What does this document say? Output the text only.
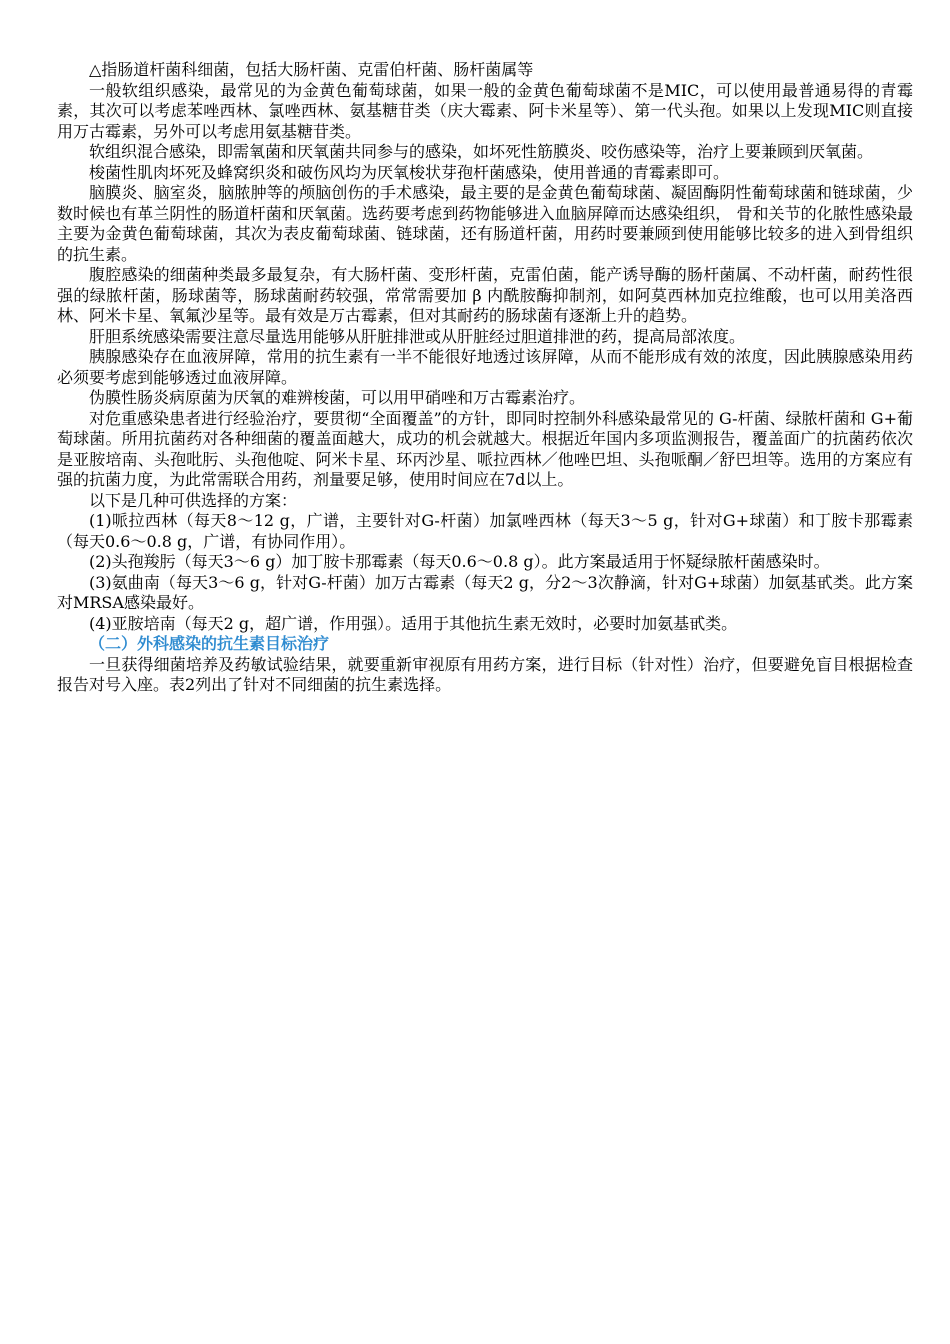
△指肠道杆菌科细菌，包括大肠杆菌、克雷伯杆菌、肠杆菌属等

一般软组织感染，最常见的为金黄色葡萄球菌，如果一般的金黄色葡萄球菌不是MIC，可以使用最普通易得的青霉素，其次可以考虑苯唑西林、氯唑西林、氨基糖苷类（庆大霉素、阿卡米星等）、第一代头孢。如果以上发现MIC则直接用万古霉素，另外可以考虑用氨基糖苷类。

软组织混合感染，即需氧菌和厌氧菌共同参与的感染，如坏死性筋膜炎、咬伤感染等，治疗上要兼顾到厌氧菌。

梭菌性肌肉坏死及蜂窝织炎和破伤风均为厌氧梭状芽孢杆菌感染，使用普通的青霉素即可。

脑膜炎、脑室炎，脑脓肿等的颅脑创伤的手术感染，最主要的是金黄色葡萄球菌、凝固酶阴性葡萄球菌和链球菌，少数时候也有革兰阴性的肠道杆菌和厌氧菌。选药要考虑到药物能够进入血脑屏障而达感染组织， 骨和关节的化脓性感染最主要为金黄色葡萄球菌，其次为表皮葡萄球菌、链球菌，还有肠道杆菌，用药时要兼顾到使用能够比较多的进入到骨组织的抗生素。

腹腔感染的细菌种类最多最复杂，有大肠杆菌、变形杆菌，克雷伯菌，能产诱导酶的肠杆菌属、不动杆菌，耐药性很强的绿脓杆菌，肠球菌等，肠球菌耐药较强，常常需要加 β 内酰胺酶抑制剂，如阿莫西林加克拉维酸，也可以用美洛西林、阿米卡星、氧氟沙星等。最有效是万古霉素，但对其耐药的肠球菌有逐渐上升的趋势。

肝胆系统感染需要注意尽量选用能够从肝脏排泄或从肝脏经过胆道排泄的药，提高局部浓度。

胰腺感染存在血液屏障，常用的抗生素有一半不能很好地透过该屏障，从而不能形成有效的浓度，因此胰腺感染用药必须要考虑到能够透过血液屏障。

伪膜性肠炎病原菌为厌氧的难辨梭菌，可以用甲硝唑和万古霉素治疗。

对危重感染患者进行经验治疗，要贯彻“全面覆盖”的方针，即同时控制外科感染最常见的 G-杆菌、绿脓杆菌和 G+葡萄球菌。所用抗菌药对各种细菌的覆盖面越大，成功的机会就越大。根据近年国内多项监测报告，覆盖面广的抗菌药依次是亚胺培南、头孢吡肟、头孢他啶、阿米卡星、环丙沙星、哌拉西林／他唑巴坦、头孢哌酮／舒巴坦等。选用的方案应有强的抗菌力度，为此常需联合用药，剂量要足够，使用时间应在7d以上。

以下是几种可供选择的方案：

(1)哌拉西林（每天8～12 g，广谱，主要针对G-杆菌）加氯唑西林（每天3～5 g，针对G+球菌）和丁胺卡那霉素（每天0.6～0.8 g，广谱，有协同作用）。

(2)头孢羧肟（每天3～6 g）加丁胺卡那霉素（每天0.6～0.8 g）。此方案最适用于怀疑绿脓杆菌感染时。

(3)氨曲南（每天3～6 g，针对G-杆菌）加万古霉素（每天2 g，分2～3次静滴，针对G+球菌）加氨基甙类。此方案对MRSA感染最好。

(4)亚胺培南（每天2 g，超广谱，作用强）。适用于其他抗生素无效时，必要时加氨基甙类。

（二）外科感染的抗生素目标治疗

一旦获得细菌培养及药敏试验结果，就要重新审视原有用药方案，进行目标（针对性）治疗，但要避免盲目根据检查报告对号入座。表2列出了针对不同细菌的抗生素选择。
